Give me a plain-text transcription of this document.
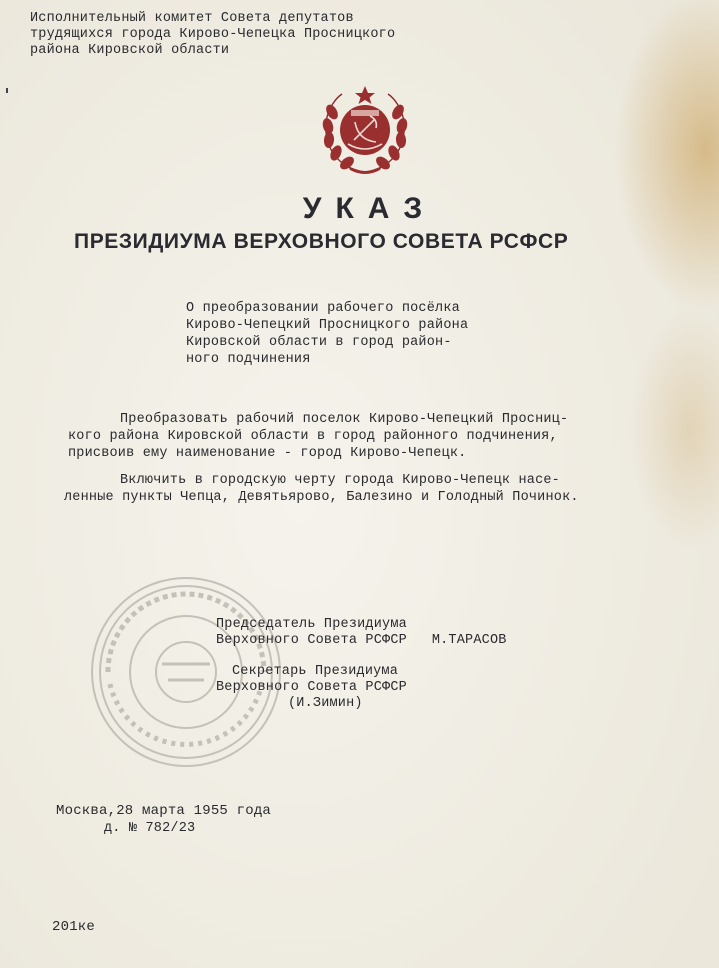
Исполнительный комитет Совета депутатов
трудящихся города Кирово-Чепецка Просницкого
района Кировской области
УКАЗ
ПРЕЗИДИУМА ВЕРХОВНОГО СОВЕТА РСФСР
О преобразовании рабочего посёлка
Кирово-Чепецкий Просницкого района
Кировской области в город район-
ного подчинения
Преобразовать рабочий поселок Кирово-Чепецкий Просниц-
кого района Кировской области в город районного подчинения,
присвоив ему наименование - город Кирово-Чепецк.
Включить в городскую черту города Кирово-Чепецк насе-
ленные пункты Чепца, Девятьярово, Балезино и Голодный Починок.
Председатель Президиума
Верховного Совета РСФСР   М.ТАРАСОВ
Секретарь Президиума
Верховного Совета РСФСР
(И.Зимин)
Москва,28 марта 1955 года
д. № 782/23
201ке
